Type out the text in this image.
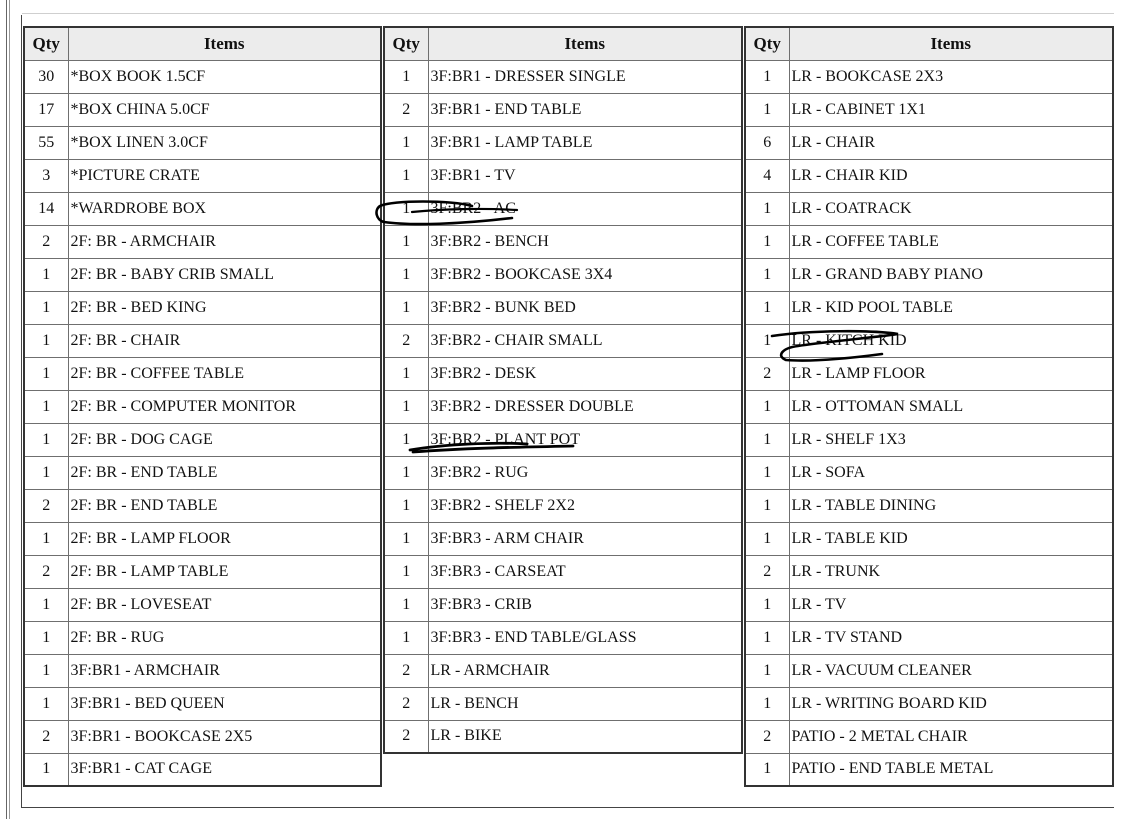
Qty	Items
30	*BOX BOOK 1.5CF
17	*BOX CHINA 5.0CF
55	*BOX LINEN 3.0CF
3	*PICTURE CRATE
14	*WARDROBE BOX
2	2F: BR - ARMCHAIR
1	2F: BR - BABY CRIB SMALL
1	2F: BR - BED KING
1	2F: BR - CHAIR
1	2F: BR - COFFEE TABLE
1	2F: BR - COMPUTER MONITOR
1	2F: BR - DOG CAGE
1	2F: BR - END TABLE
2	2F: BR - END TABLE
1	2F: BR - LAMP FLOOR
2	2F: BR - LAMP TABLE
1	2F: BR - LOVESEAT
1	2F: BR - RUG
1	3F:BR1 - ARMCHAIR
1	3F:BR1 - BED QUEEN
2	3F:BR1 - BOOKCASE 2X5
1	3F:BR1 - CAT CAGE
Qty	Items
1	3F:BR1 - DRESSER SINGLE
2	3F:BR1 - END TABLE
1	3F:BR1 - LAMP TABLE
1	3F:BR1 - TV
1	3F:BR2 - AC
1	3F:BR2 - BENCH
1	3F:BR2 - BOOKCASE 3X4
1	3F:BR2 - BUNK BED
2	3F:BR2 - CHAIR SMALL
1	3F:BR2 - DESK
1	3F:BR2 - DRESSER DOUBLE
1	3F:BR2 - PLANT POT
1	3F:BR2 - RUG
1	3F:BR2 - SHELF 2X2
1	3F:BR3 - ARM CHAIR
1	3F:BR3 - CARSEAT
1	3F:BR3 - CRIB
1	3F:BR3 - END TABLE/GLASS
2	LR - ARMCHAIR
2	LR - BENCH
2	LR - BIKE
Qty	Items
1	LR - BOOKCASE 2X3
1	LR - CABINET 1X1
6	LR - CHAIR
4	LR - CHAIR KID
1	LR - COATRACK
1	LR - COFFEE TABLE
1	LR - GRAND BABY PIANO
1	LR - KID POOL TABLE
1	LR - KITCH KID
2	LR - LAMP FLOOR
1	LR - OTTOMAN SMALL
1	LR - SHELF 1X3
1	LR - SOFA
1	LR - TABLE DINING
1	LR - TABLE KID
2	LR - TRUNK
1	LR - TV
1	LR - TV STAND
1	LR - VACUUM CLEANER
1	LR - WRITING BOARD KID
2	PATIO - 2 METAL CHAIR
1	PATIO - END TABLE METAL
